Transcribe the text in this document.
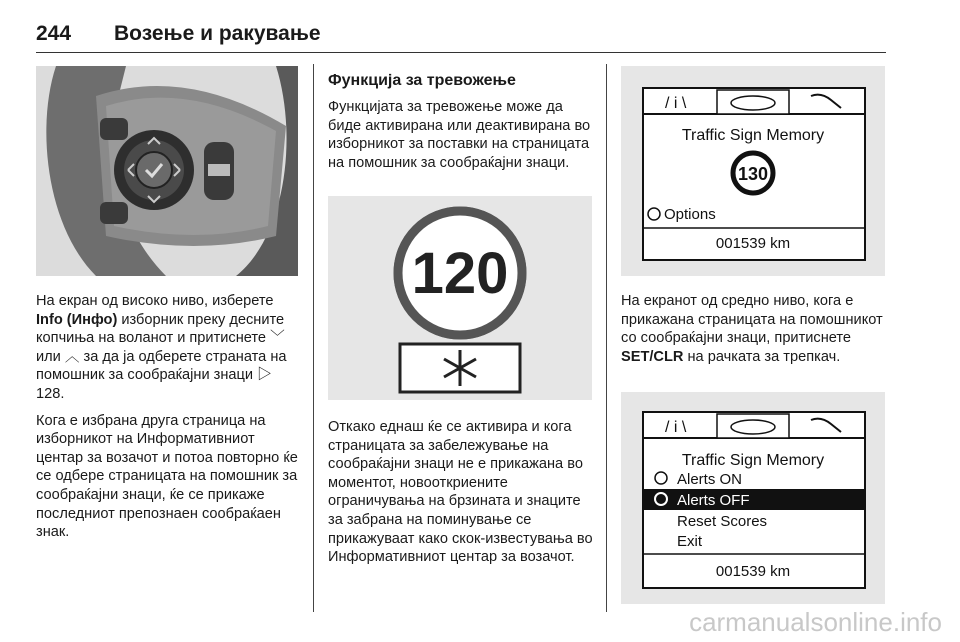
244 Возење и ракување

На екран од високо ниво, изберете Info (Инфо) изборник преку десните копчиња на воланот и притиснете ﹀ или ︿ за да ја одберете страната на помошник за сообраќајни знаци ▷ 128.

Кога е избрана друга страница на изборникот на Информативниот центар за возачот и потоа повторно ќе се одбере страницата на помошник за сообраќајни знаци, ќе се прикаже последниот препознаен сообраќаен знак.

Функција за тревожење
Функцијата за тревожење може да биде активирана или деактивирана во изборникот за поставки на страницата на помошник за сообраќајни знаци.
120
Откако еднаш ќе се активира и кога страницата за забележување на сообраќајни знаци не е прикажана во моментот, новооткриените ограничувања на брзината и знаците за забрана на поминување се прикажуваат како скок-известувања во Информативниот центар за возачот.
/ i \
Traffic Sign Memory
130
Options
001539 km
На екранот од средно ниво, кога е прикажана страницата на помошникот со сообраќајни знаци, притиснете SET/CLR на рачката за трепкач.
/ i \
Traffic Sign Memory
Alerts ON
Alerts OFF
Reset Scores
Exit
001539 km
carmanualsonline.info
